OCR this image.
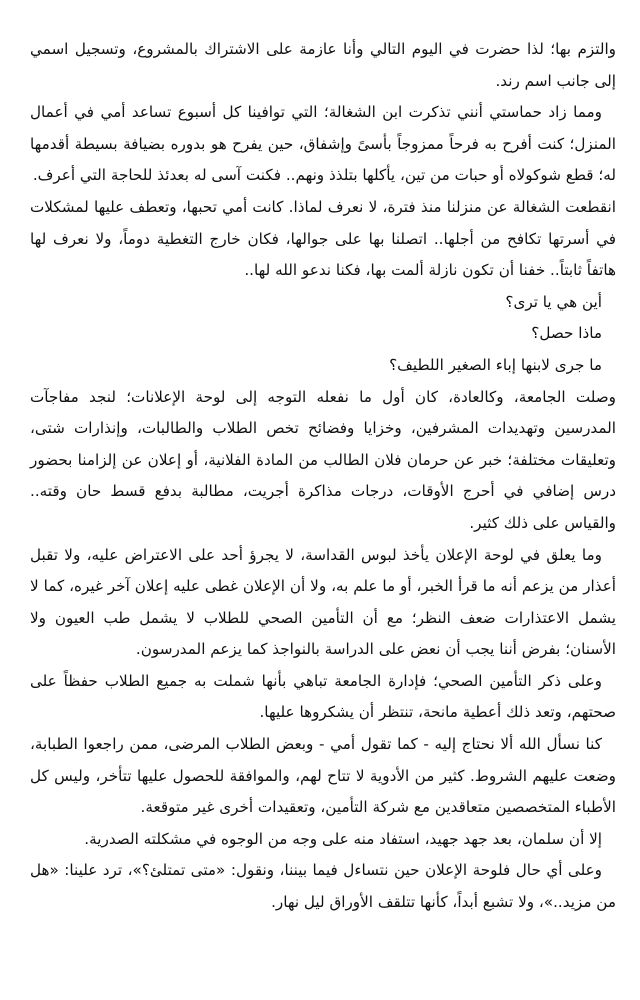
والتزم بها؛ لذا حضرت في اليوم التالي وأنا عازمة على الاشتراك بالمشروع، وتسجيل اسمي إلى جانب اسم رند.

ومما زاد حماستي أنني تذكرت ابن الشغالة؛ التي توافينا كل أسبوع تساعد أمي في أعمال المنزل؛ كنت أفرح به فرحاً ممزوجاً بأسىً وإشفاق، حين يفرح هو بدوره بضيافة بسيطة أقدمها له؛ قطع شوكولاه أو حبات من تين، يأكلها بتلذذ ونهم.. فكنت آسى له بعدئذ للحاجة التي أعرف.

انقطعت الشغالة عن منزلنا منذ فترة، لا نعرف لماذا. كانت أمي تحبها، وتعطف عليها لمشكلات في أسرتها تكافح من أجلها.. اتصلنا بها على جوالها، فكان خارج التغطية دوماً، ولا نعرف لها هاتفاً ثابتاً.. خفنا أن تكون نازلة ألمت بها، فكنا ندعو الله لها..

أين هي يا ترى؟

ماذا حصل؟

ما جرى لابنها إباء الصغير اللطيف؟

وصلت الجامعة، وكالعادة، كان أول ما نفعله التوجه إلى لوحة الإعلانات؛ لنجد مفاجآت المدرسين وتهديدات المشرفين، وخزايا وفضائح تخص الطلاب والطالبات، وإنذارات شتى، وتعليقات مختلفة؛ خبر عن حرمان فلان الطالب من المادة الفلانية، أو إعلان عن إلزامنا بحضور درس إضافي في أحرج الأوقات، درجات مذاكرة أجريت، مطالبة بدفع قسط حان وقته.. والقياس على ذلك كثير.

وما يعلق في لوحة الإعلان يأخذ لبوس القداسة، لا يجرؤ أحد على الاعتراض عليه، ولا تقبل أعذار من يزعم أنه ما قرأ الخبر، أو ما علم به، ولا أن الإعلان غطى عليه إعلان آخر غيره، كما لا يشمل الاعتذارات ضعف النظر؛ مع أن التأمين الصحي للطلاب لا يشمل طب العيون ولا الأسنان؛ بفرض أننا يجب أن نعض على الدراسة بالنواجذ كما يزعم المدرسون.

وعلى ذكر التأمين الصحي؛ فإدارة الجامعة تباهي بأنها شملت به جميع الطلاب حفظاً على صحتهم، وتعد ذلك أعطية مانحة، تنتظر أن يشكروها عليها.

كنا نسأل الله ألا نحتاج إليه - كما تقول أمي - وبعض الطلاب المرضى، ممن راجعوا الطبابة، وضعت عليهم الشروط. كثير من الأدوية لا تتاح لهم، والموافقة للحصول عليها تتأخر، وليس كل الأطباء المتخصصين متعاقدين مع شركة التأمين، وتعقيدات أخرى غير متوقعة.

إلا أن سلمان، بعد جهد جهيد، استفاد منه على وجه من الوجوه في مشكلته الصدرية.

وعلى أي حال فلوحة الإعلان حين نتساءل فيما بيننا، ونقول: «متى تمتلئ؟»، ترد علينا: «هل من مزيد..»، ولا تشبع أبداً، كأنها تتلقف الأوراق ليل نهار.
